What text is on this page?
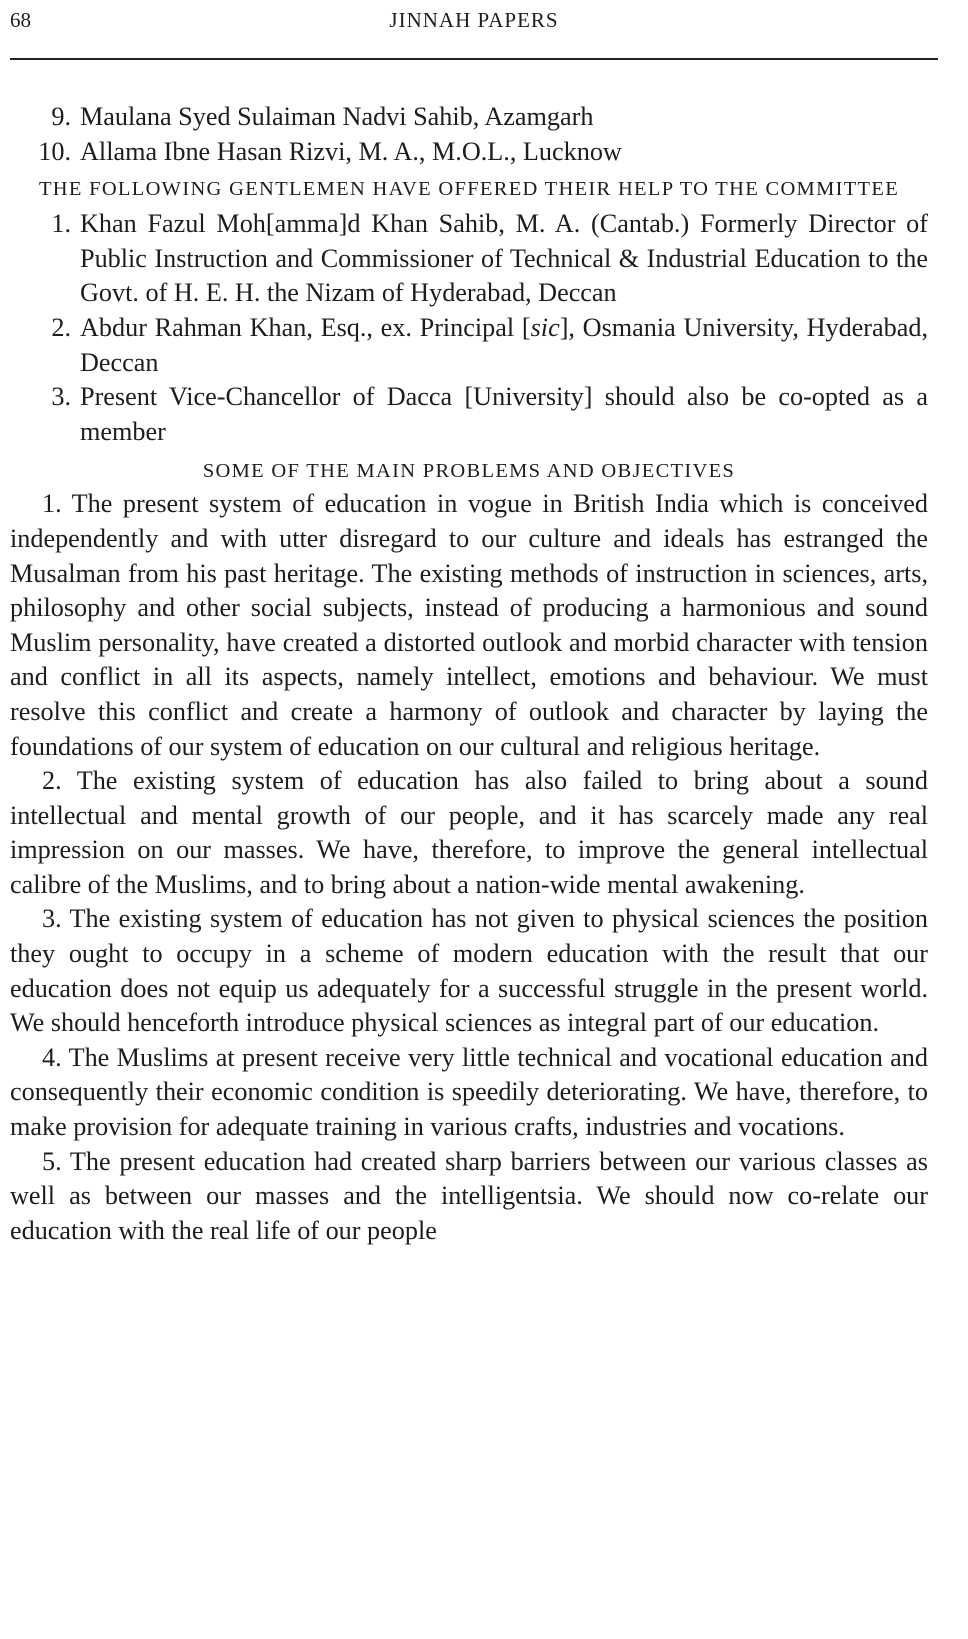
68	JINNAH PAPERS
9. Maulana Syed Sulaiman Nadvi Sahib, Azamgarh
10. Allama Ibne Hasan Rizvi, M. A., M.O.L., Lucknow
THE FOLLOWING GENTLEMEN HAVE OFFERED THEIR HELP TO THE COMMITTEE
1. Khan Fazul Moh[amma]d Khan Sahib, M. A. (Cantab.) Formerly Director of Public Instruction and Commissioner of Technical & Industrial Education to the Govt. of H. E. H. the Nizam of Hyderabad, Deccan
2. Abdur Rahman Khan, Esq., ex. Principal [sic], Osmania University, Hyderabad, Deccan
3. Present Vice-Chancellor of Dacca [University] should also be co-opted as a member
SOME OF THE MAIN PROBLEMS AND OBJECTIVES

1. The present system of education in vogue in British India which is conceived independently and with utter disregard to our culture and ideals has estranged the Musalman from his past heritage. The existing methods of instruction in sciences, arts, philosophy and other social subjects, instead of producing a harmonious and sound Muslim personality, have created a distorted outlook and morbid character with tension and conflict in all its aspects, namely intellect, emotions and behaviour. We must resolve this conflict and create a harmony of outlook and character by laying the foundations of our system of education on our cultural and religious heritage.

2. The existing system of education has also failed to bring about a sound intellectual and mental growth of our people, and it has scarcely made any real impression on our masses. We have, therefore, to improve the general intellectual calibre of the Muslims, and to bring about a nation-wide mental awakening.

3. The existing system of education has not given to physical sciences the position they ought to occupy in a scheme of modern education with the result that our education does not equip us adequately for a successful struggle in the present world. We should henceforth introduce physical sciences as integral part of our education.

4. The Muslims at present receive very little technical and vocational education and consequently their economic condition is speedily deteriorating. We have, therefore, to make provision for adequate training in various crafts, industries and vocations.

5. The present education had created sharp barriers between our various classes as well as between our masses and the intelligentsia. We should now co-relate our education with the real life of our people
